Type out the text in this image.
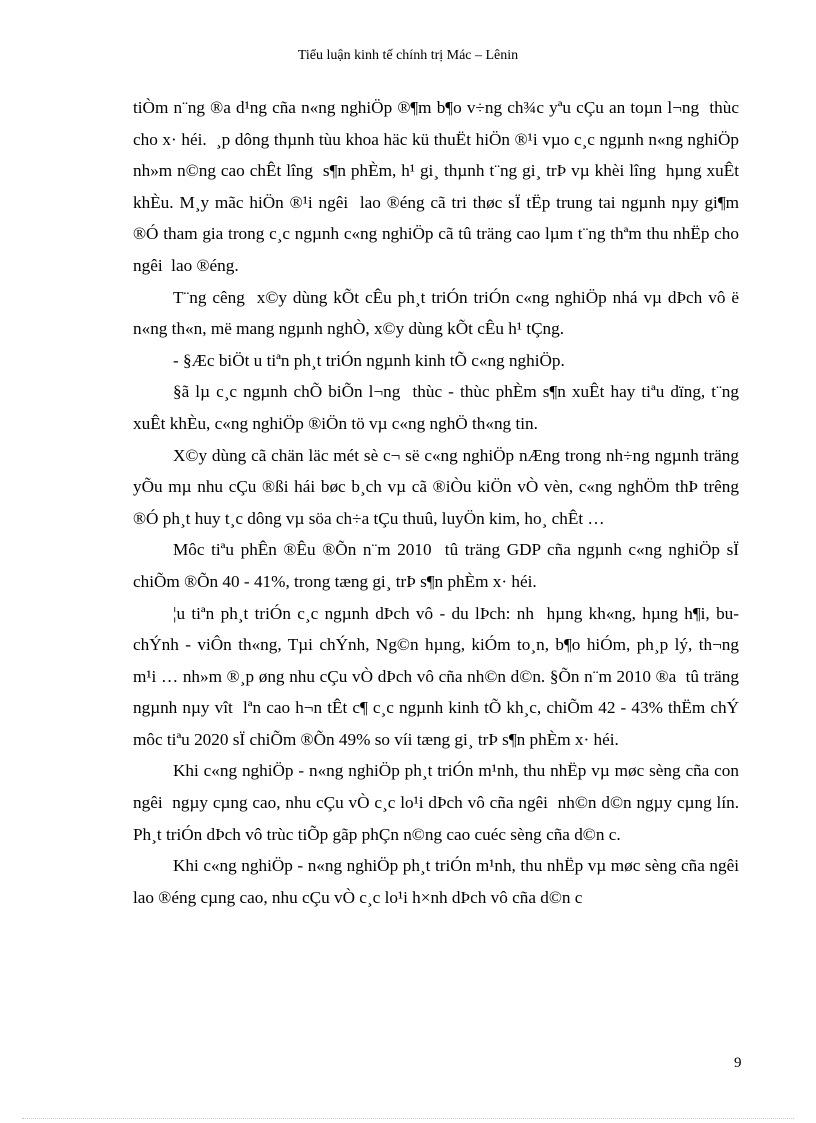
Tiểu luận kinh tế chính trị Mác – Lênin

tiÒm n¨ng ®a d¹ng cña n«ng nghiÖp ®¶m b¶o v÷ng ch¾c yªu cÇu an toµn l¬ng  thùc cho x· héi.  ¸p dông thµnh tùu khoa häc kü thuËt hiÖn ®¹i vµo c¸c ngµnh n«ng nghiÖp nh»m n©ng cao chÊt lîng  s¶n phÈm, h¹ gi¸ thµnh t¨ng gi¸ trÞ vµ khèi lîng  hµng xuÊt khÈu. M¸y mãc hiÖn ®¹i ngêi  lao ®éng cã tri thøc sÏ tËp trung tai ngµnh nµy gi¶m ®Ó tham gia trong c¸c ngµnh c«ng nghiÖp cã tû träng cao lµm t¨ng thªm thu nhËp cho ngêi  lao ®éng.

T¨ng cêng  x©y dùng kÕt cÊu ph¸t triÓn triÓn c«ng nghiÖp nhá vµ dÞch vô ë n«ng th«n, më mang ngµnh nghÒ, x©y dùng kÕt cÊu h¹ tÇng.

- §Æc biÖt u tiªn ph¸t triÓn ngµnh kinh tÕ c«ng nghiÖp.

§ã lµ c¸c ngµnh chÕ biÕn l¬ng  thùc - thùc phÈm s¶n xuÊt hay tiªu dïng, t¨ng xuÊt khÈu, c«ng nghiÖp ®iÖn tö vµ c«ng nghÖ th«ng tin.

X©y dùng cã chän läc mét sè c¬ së c«ng nghiÖp nÆng trong nh÷ng ngµnh träng yÕu mµ nhu cÇu ®ßi hái bøc b¸ch vµ cã ®iÒu kiÖn vÒ vèn, c«ng nghÖm thÞ trêng  ®Ó ph¸t huy t¸c dông vµ söa ch÷a tÇu thuû, luyÖn kim, ho¸ chÊt …

Môc tiªu phÊn ®Êu ®Õn n¨m 2010  tû träng GDP cña ngµnh c«ng nghiÖp sÏ chiÕm ®Õn 40 - 41%, trong tæng gi¸ trÞ s¶n phÈm x· héi.

¦u tiªn ph¸t triÓn c¸c ngµnh dÞch vô - du lÞch: nh  hµng kh«ng, hµng h¶i, bu  chÝnh - viÔn th«ng, Tµi chÝnh, Ng©n hµng, kiÓm to¸n, b¶o hiÓm, ph¸p lý, th¬ng  m¹i … nh»m ®¸p øng nhu cÇu vÒ dÞch vô cña nh©n d©n. §Õn n¨m 2010 ®a  tû träng ngµnh nµy vît  lªn cao h¬n tÊt c¶ c¸c ngµnh kinh tÕ kh¸c, chiÕm 42 - 43% thËm chÝ môc tiªu 2020 sÏ chiÕm ®Õn 49% so víi tæng gi¸ trÞ s¶n phÈm x· héi.

Khi c«ng nghiÖp - n«ng nghiÖp ph¸t triÓn m¹nh, thu nhËp vµ møc sèng cña con ngêi  ngµy cµng cao, nhu cÇu vÒ c¸c lo¹i dÞch vô cña ngêi  nh©n d©n ngµy cµng lín. Ph¸t triÓn dÞch vô trùc tiÕp gãp phÇn n©ng cao cuéc sèng cña d©n c.

Khi c«ng nghiÖp - n«ng nghiÖp ph¸t triÓn m¹nh, thu nhËp vµ møc sèng cña ngêi  lao ®éng cµng cao, nhu cÇu vÒ c¸c lo¹i h×nh dÞch vô cña d©n c

9
